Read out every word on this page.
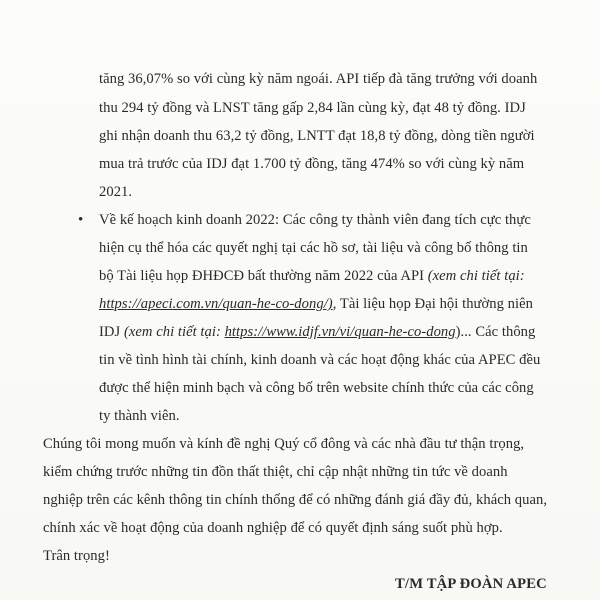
tăng 36,07% so với cùng kỳ năm ngoái. API tiếp đà tăng trưởng với doanh
thu 294 tỷ đồng và LNST tăng gấp 2,84 lần cùng kỳ, đạt 48 tỷ đồng. IDJ
ghi nhận doanh thu 63,2 tỷ đồng, LNTT đạt 18,8 tỷ đồng, dòng tiền người
mua trả trước của IDJ đạt 1.700 tỷ đồng, tăng 474% so với cùng kỳ năm
2021.
• Về kế hoạch kinh doanh 2022: Các công ty thành viên đang tích cực thực
hiện cụ thể hóa các quyết nghị tại các hồ sơ, tài liệu và công bố thông tin
bộ Tài liệu họp ĐHĐCĐ bất thường năm 2022 của API (xem chi tiết tại:
https://apeci.com.vn/quan-he-co-dong/), Tài liệu họp Đại hội thường niên
IDJ (xem chi tiết tại: https://www.idjf.vn/vi/quan-he-co-dong)... Các thông
tin về tình hình tài chính, kinh doanh và các hoạt động khác của APEC đều
được thể hiện minh bạch và công bố trên website chính thức của các công
ty thành viên.
Chúng tôi mong muốn và kính đề nghị Quý cổ đông và các nhà đầu tư thận trọng,
kiểm chứng trước những tin đồn thất thiệt, chỉ cập nhật những tin tức về doanh
nghiệp trên các kênh thông tin chính thống để có những đánh giá đầy đủ, khách quan,
chính xác về hoạt động của doanh nghiệp để có quyết định sáng suốt phù hợp.
Trân trọng!
T/M TẬP ĐOÀN APEC
